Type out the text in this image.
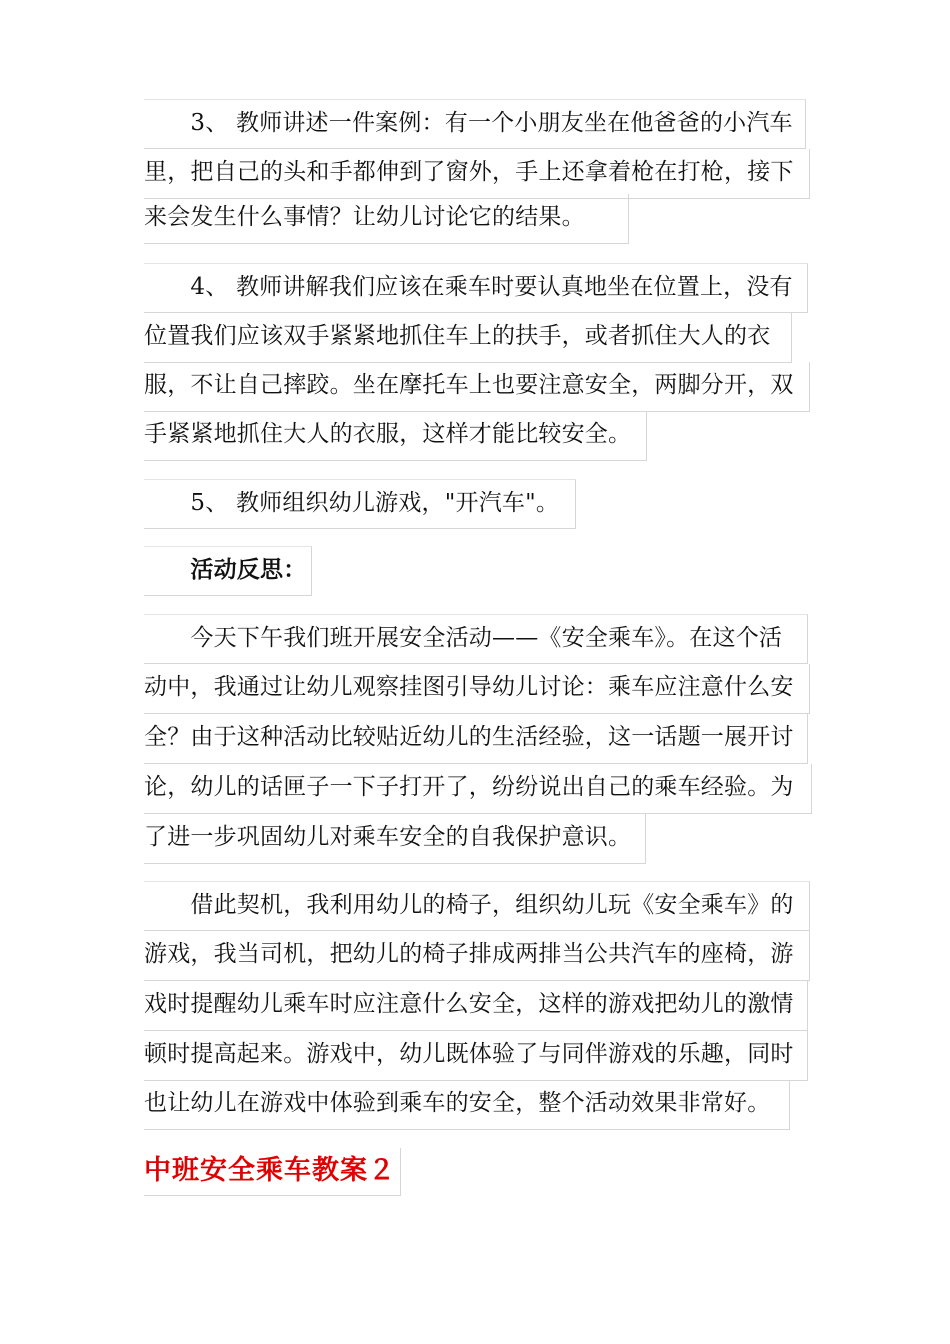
　　3、 教师讲述一件案例：有一个小朋友坐在他爸爸的小汽车
里，把自己的头和手都伸到了窗外，手上还拿着枪在打枪，接下
来会发生什么事情？让幼儿讨论它的结果。
　　4、 教师讲解我们应该在乘车时要认真地坐在位置上，没有
位置我们应该双手紧紧地抓住车上的扶手，或者抓住大人的衣
服，不让自己摔跤。坐在摩托车上也要注意安全，两脚分开，双
手紧紧地抓住大人的衣服，这样才能比较安全。
　　5、 教师组织幼儿游戏，"开汽车"。
　　活动反思：
　　今天下午我们班开展安全活动——《安全乘车》。在这个活
动中，我通过让幼儿观察挂图引导幼儿讨论：乘车应注意什么安
全？由于这种活动比较贴近幼儿的生活经验，这一话题一展开讨
论，幼儿的话匣子一下子打开了，纷纷说出自己的乘车经验。为
了进一步巩固幼儿对乘车安全的自我保护意识。
　　借此契机，我利用幼儿的椅子，组织幼儿玩《安全乘车》的
游戏，我当司机，把幼儿的椅子排成两排当公共汽车的座椅，游
戏时提醒幼儿乘车时应注意什么安全，这样的游戏把幼儿的激情
顿时提高起来。游戏中，幼儿既体验了与同伴游戏的乐趣，同时
也让幼儿在游戏中体验到乘车的安全，整个活动效果非常好。
中班安全乘车教案２
